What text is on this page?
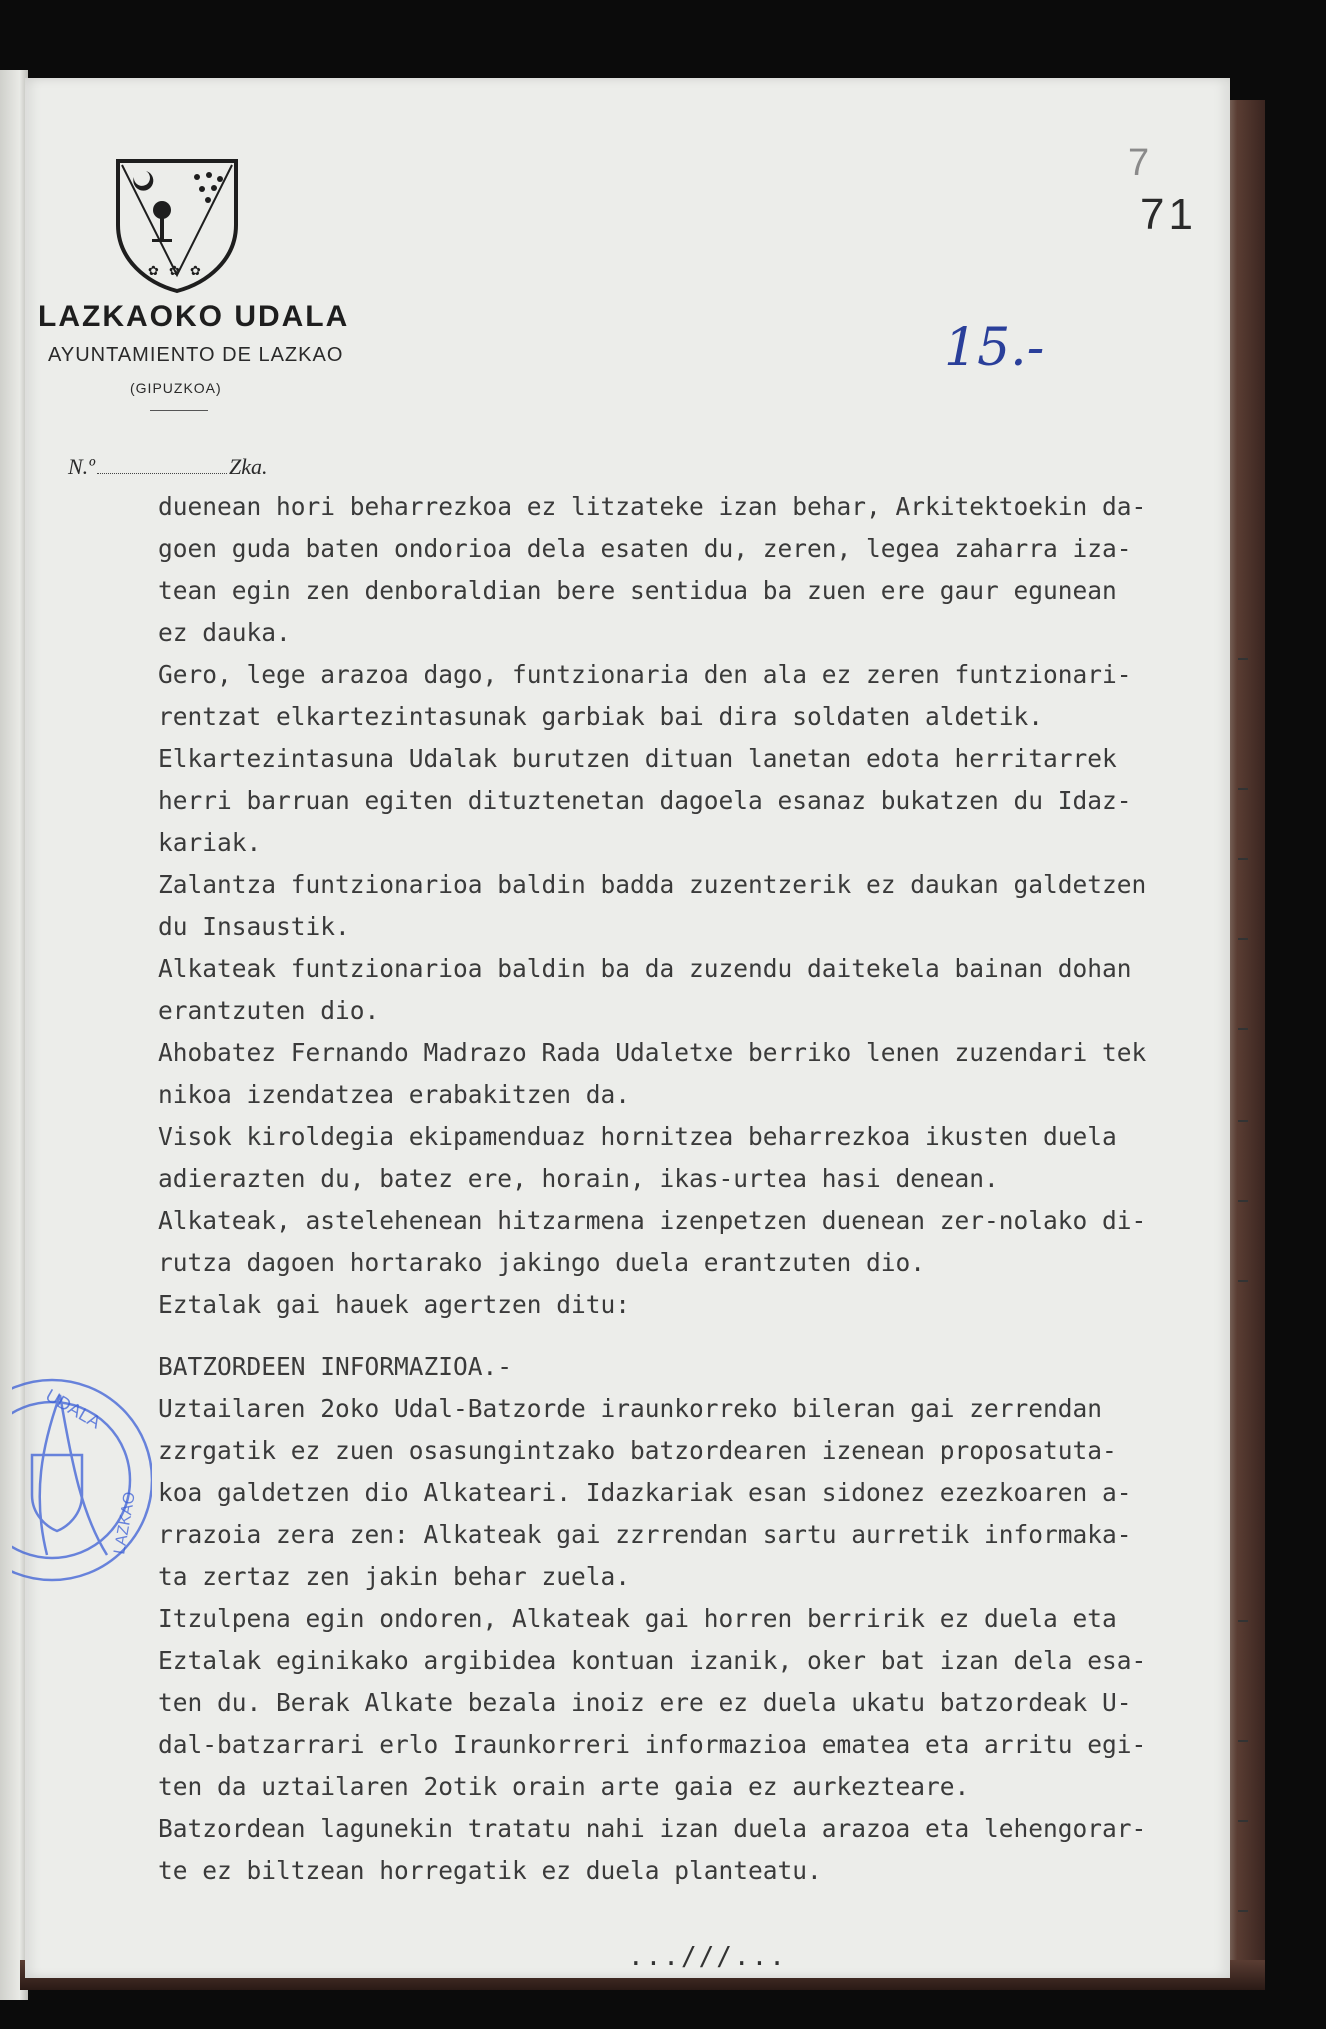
✿ ✿ ✿
LAZKAOKO UDALA
AYUNTAMIENTO DE LAZKAO
(GIPUZKOA)
N.º	Zka.
7
71
15.-
UDALA
LAZKAO
duenean hori beharrezkoa ez litzateke izan behar, Arkitektoekin da-
goen guda baten ondorioa dela esaten du, zeren, legea zaharra iza-
tean egin zen denboraldian bere sentidua ba zuen ere gaur egunean
ez dauka.
Gero, lege arazoa dago, funtzionaria den ala ez zeren funtzionari-
rentzat elkartezintasunak garbiak bai dira soldaten aldetik.
Elkartezintasuna Udalak burutzen dituan lanetan edota herritarrek
herri barruan egiten dituztenetan dagoela esanaz bukatzen du Idaz-
kariak.
Zalantza funtzionarioa baldin badda zuzentzerik ez daukan galdetzen
du Insaustik.
Alkateak funtzionarioa baldin ba da zuzendu daitekela bainan dohan
erantzuten dio.
Ahobatez Fernando Madrazo Rada Udaletxe berriko lenen zuzendari tek
nikoa izendatzea erabakitzen da.
Visok kiroldegia ekipamenduaz hornitzea beharrezkoa ikusten duela
adierazten du, batez ere, horain, ikas-urtea hasi denean.
Alkateak, astelehenean hitzarmena izenpetzen duenean zer-nolako di-
rutza dagoen hortarako jakingo duela erantzuten dio.
Eztalak gai hauek agertzen ditu:
BATZORDEEN INFORMAZIOA.-
Uztailaren 2oko Udal-Batzorde iraunkorreko bileran gai zerrendan
zzrgatik ez zuen osasungintzako batzordearen izenean proposatuta-
koa galdetzen dio Alkateari. Idazkariak esan sidonez ezezkoaren a-
rrazoia zera zen: Alkateak gai zzrrendan sartu aurretik informaka-
ta zertaz zen jakin behar zuela.
Itzulpena egin ondoren, Alkateak gai horren berririk ez duela eta
Eztalak eginikako argibidea kontuan izanik, oker bat izan dela esa-
ten du. Berak Alkate bezala inoiz ere ez duela ukatu batzordeak U-
dal-batzarrari erlo Iraunkorreri informazioa ematea eta arritu egi-
ten da uztailaren 2otik orain arte gaia ez aurkezteare.
Batzordean lagunekin tratatu nahi izan duela arazoa eta lehengorar-
te ez biltzean horregatik ez duela planteatu.
...///...
